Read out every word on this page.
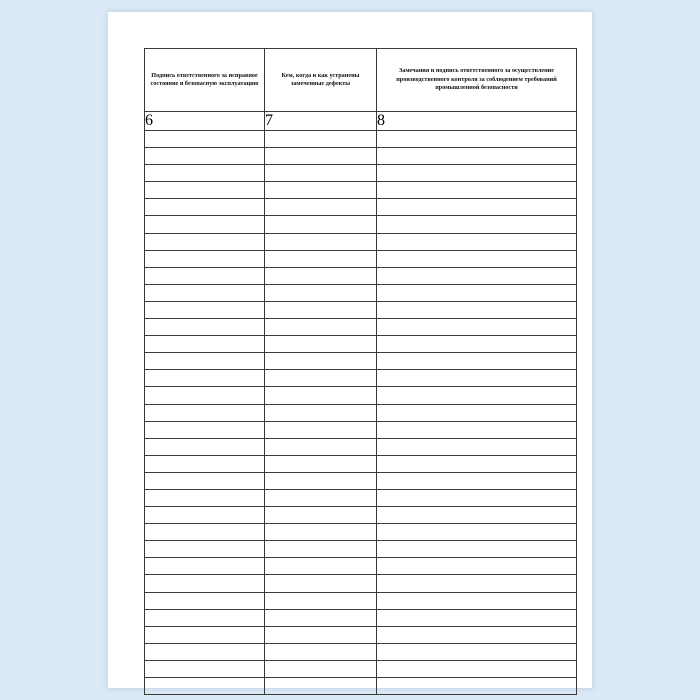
Подпись ответственного за исправное состояние и безопасную эксплуатацию	Кем, когда и как устранены замеченные дефекты	Замечания и подпись ответственного за осуществление производственного контроля за соблюдением требований промышленной безопасности

6	7	8
